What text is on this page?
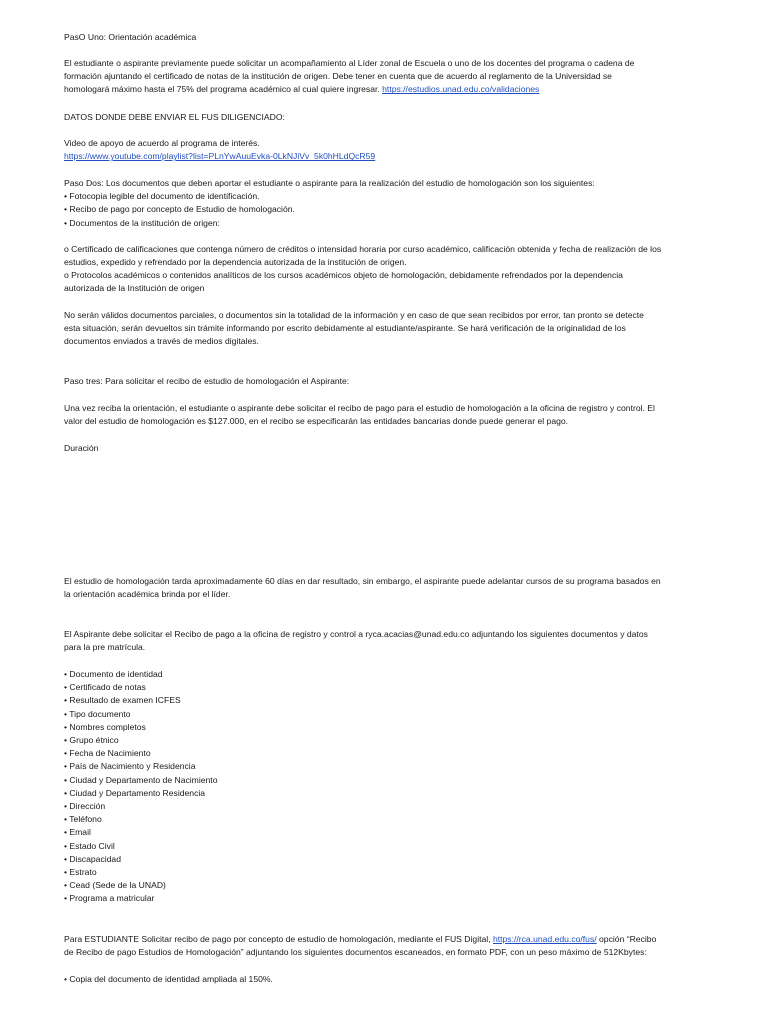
PasO Uno: Orientación académica

El estudiante o aspirante previamente puede solicitar un acompañamiento al Líder zonal de Escuela o uno de los docentes del programa o cadena de
formación ajuntando el certificado de notas de la institución de origen. Debe tener en cuenta que de acuerdo al reglamento de la Universidad se
homologará máximo hasta el 75% del programa académico al cual quiere ingresar. https://estudios.unad.edu.co/validaciones

DATOS DONDE DEBE ENVIAR EL FUS DILIGENCIADO:

Video de apoyo de acuerdo al programa de interés.
https://www.youtube.com/playlist?list=PLnYwAuuEvka-0LkNJiVv_5k0hHLdQcR59

Paso Dos: Los documentos que deben aportar el estudiante o aspirante para la realización del estudio de homologación son los siguientes:
• Fotocopia legible del documento de identificación.
• Recibo de pago por concepto de Estudio de homologación.
• Documentos de la institución de origen:

o Certificado de calificaciones que contenga número de créditos o intensidad horaria por curso académico, calificación obtenida y fecha de realización de los
estudios, expedido y refrendado por la dependencia autorizada de la institución de origen.

o Protocolos académicos o contenidos analíticos de los cursos académicos objeto de homologación, debidamente refrendados por la dependencia
autorizada de la Institución de origen

No serán válidos documentos parciales, o documentos sin la totalidad de la información y en caso de que sean recibidos por error, tan pronto se detecte
esta situación, serán devueltos sin trámite informando por escrito debidamente al estudiante/aspirante. Se hará verificación de la originalidad de los
documentos enviados a través de medios digitales.

Paso tres: Para solicitar el recibo de estudio de homologación el Aspirante:

Una vez reciba la orientación, el estudiante o aspirante debe solicitar el recibo de pago para el estudio de homologación a la oficina de registro y control. El
valor del estudio de homologación es $127.000, en el recibo se especificarán las entidades bancarias donde puede generar el pago.

Duración

El estudio de homologación tarda aproximadamente 60 días en dar resultado, sin embargo, el aspirante puede adelantar cursos de su programa basados en
la orientación académica brinda por el líder.

El Aspirante debe solicitar el Recibo de pago a la oficina de registro y control a ryca.acacias@unad.edu.co adjuntando los siguientes documentos y datos
para la pre matrícula.

• Documento de identidad
• Certificado de notas
• Resultado de examen ICFES
• Tipo documento
• Nombres completos
• Grupo étnico
• Fecha de Nacimiento
• País de Nacimiento y Residencia
• Ciudad y Departamento de Nacimiento
• Ciudad y Departamento Residencia
• Dirección
• Teléfono
• Email
• Estado Civil
• Discapacidad
• Estrato
• Cead (Sede de la UNAD)
• Programa a matricular

Para ESTUDIANTE Solicitar recibo de pago por concepto de estudio de homologación, mediante el FUS Digital, https://rca.unad.edu.co/fus/ opción “Recibo
de Recibo de pago Estudios de Homologación” adjuntando los siguientes documentos escaneados, en formato PDF, con un peso máximo de 512Kbytes:

• Copia del documento de identidad ampliada al 150%.
